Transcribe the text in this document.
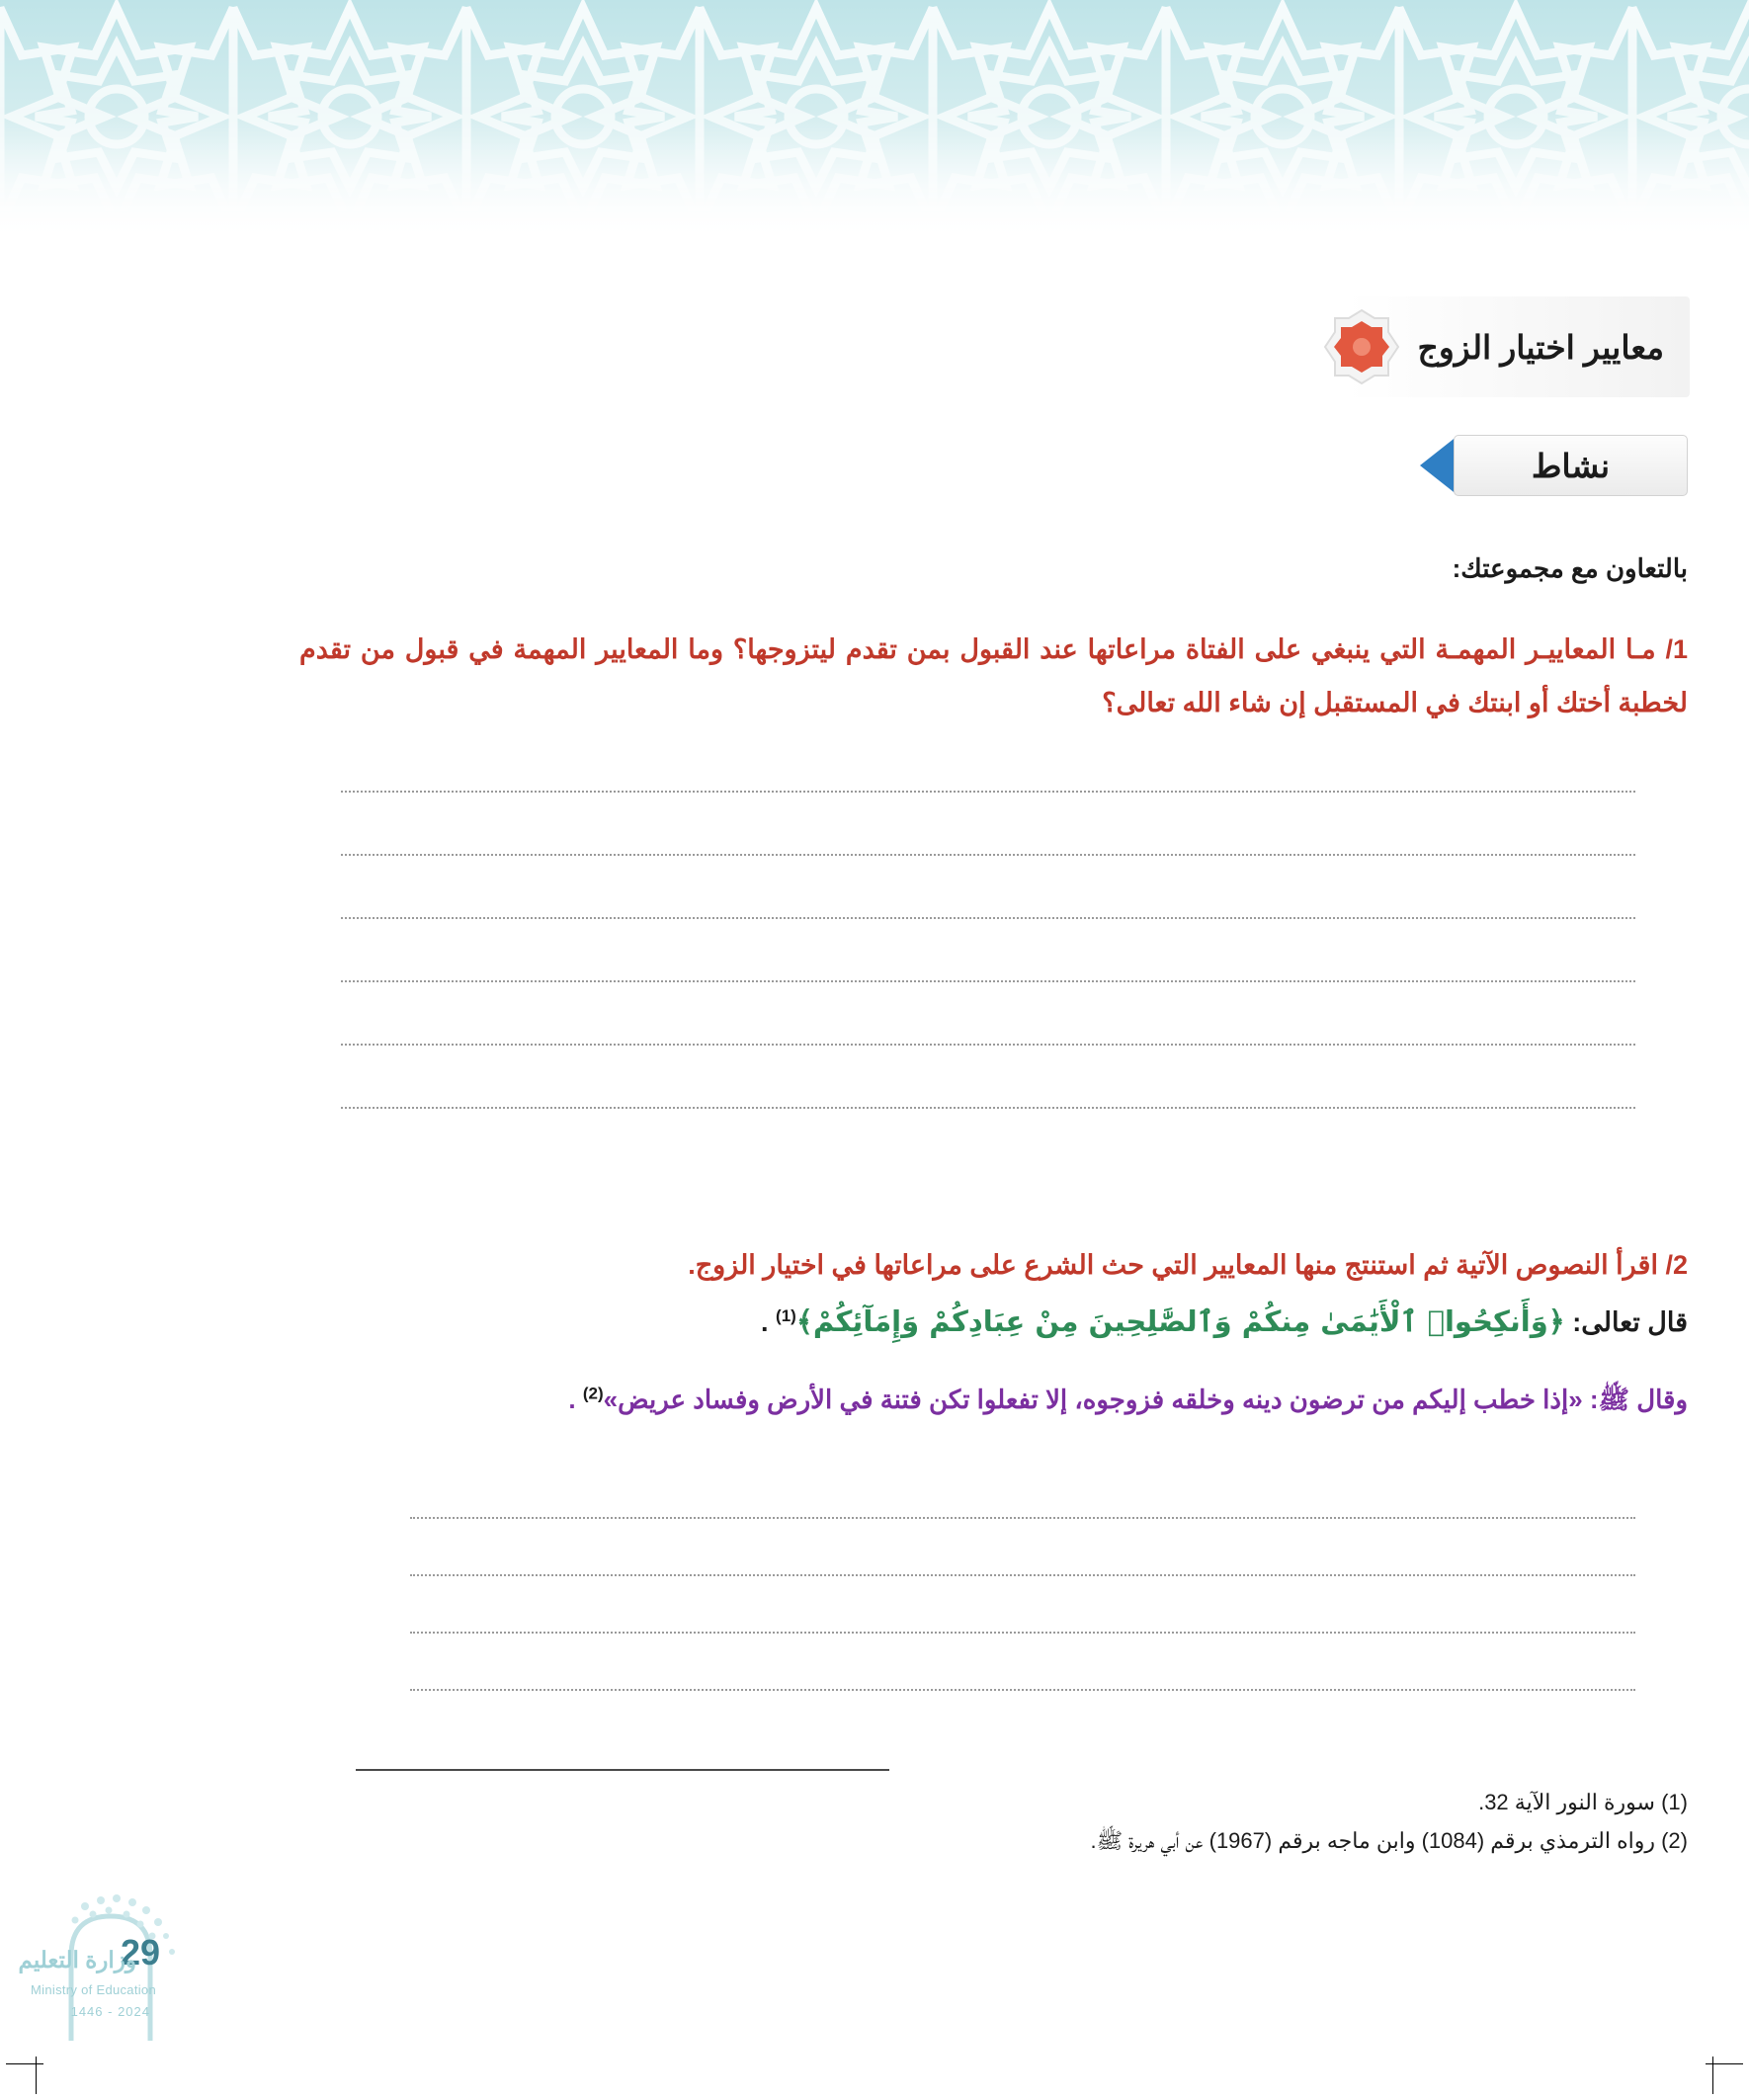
معايير اختيار الزوج
نشاط
بالتعاون مع مجموعتك:
1/ مـا المعاييـر المهمـة التي ينبغي على الفتاة مراعاتها عند القبول بمن تقدم ليتزوجها؟ وما المعايير المهمة في قبول من تقدم لخطبة أختك أو ابنتك في المستقبل إن شاء الله تعالى؟
2/ اقرأ النصوص الآتية ثم استنتج منها المعايير التي حث الشرع على مراعاتها في اختيار الزوج.
قال تعالى: ﴿وَأَنكِحُوا۟ ٱلْأَيَٰمَىٰ مِنكُمْ وَٱلصَّٰلِحِينَ مِنْ عِبَادِكُمْ وَإِمَآئِكُمْ﴾$^{(1)}$ .
وقال ﷺ: «إذا خطب إليكم من ترضون دينه وخلقه فزوجوه، إلا تفعلوا تكن فتنة في الأرض وفساد عريض»$^{(2)}$ .
(1) سورة النور الآية 32.
(2) رواه الترمذي برقم (1084) وابن ماجه برقم (1967) عن أبي هريرة ﷺ.
29
وزارة التعليم
Ministry of Education
2024 - 1446
